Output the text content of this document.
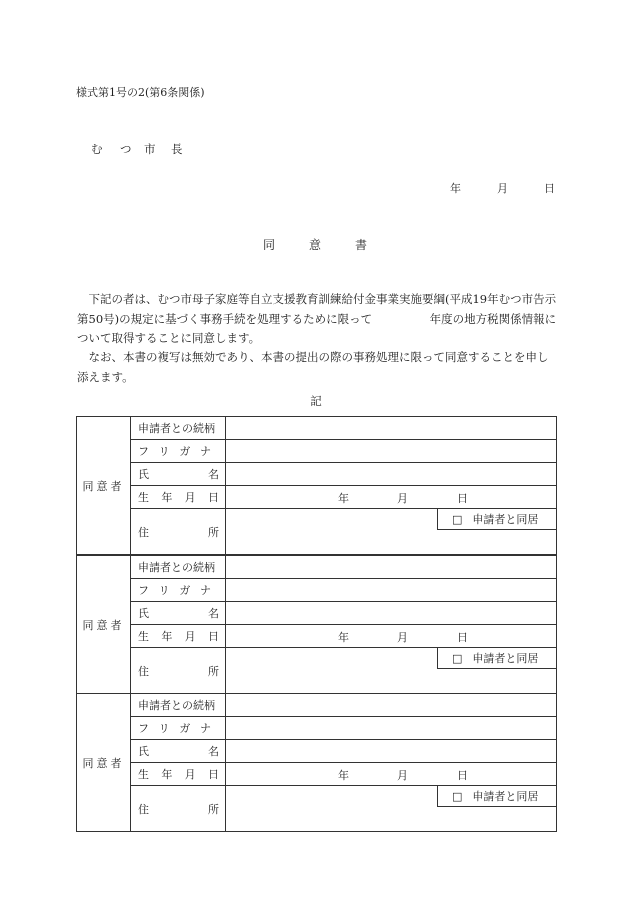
様式第1号の2(第6条関係)
む つ 市 長
年	月	日
同	意	書
　下記の者は、むつ市母子家庭等自立支援教育訓練給付金事業実施要綱(平成19年むつ市告示第50号)の規定に基づく事務手続を処理するために限って　　　　　年度の地方税関係情報について取得することに同意します。
　なお、本書の複写は無効であり、本書の提出の際の事務処理に限って同意することを申し添えます。
記
同意者	申請者との続柄	

	フ リ ガ ナ	

	氏 名	

	生 年 月 日	年 月 日

	住 所	□ 申請者と同居

同意者	申請者との続柄	

	フ リ ガ ナ	

	氏 名	

	生 年 月 日	年 月 日

	住 所	□ 申請者と同居

同意者	申請者との続柄	

	フ リ ガ ナ	

	氏 名	

	生 年 月 日	年 月 日

	住 所	□ 申請者と同居
